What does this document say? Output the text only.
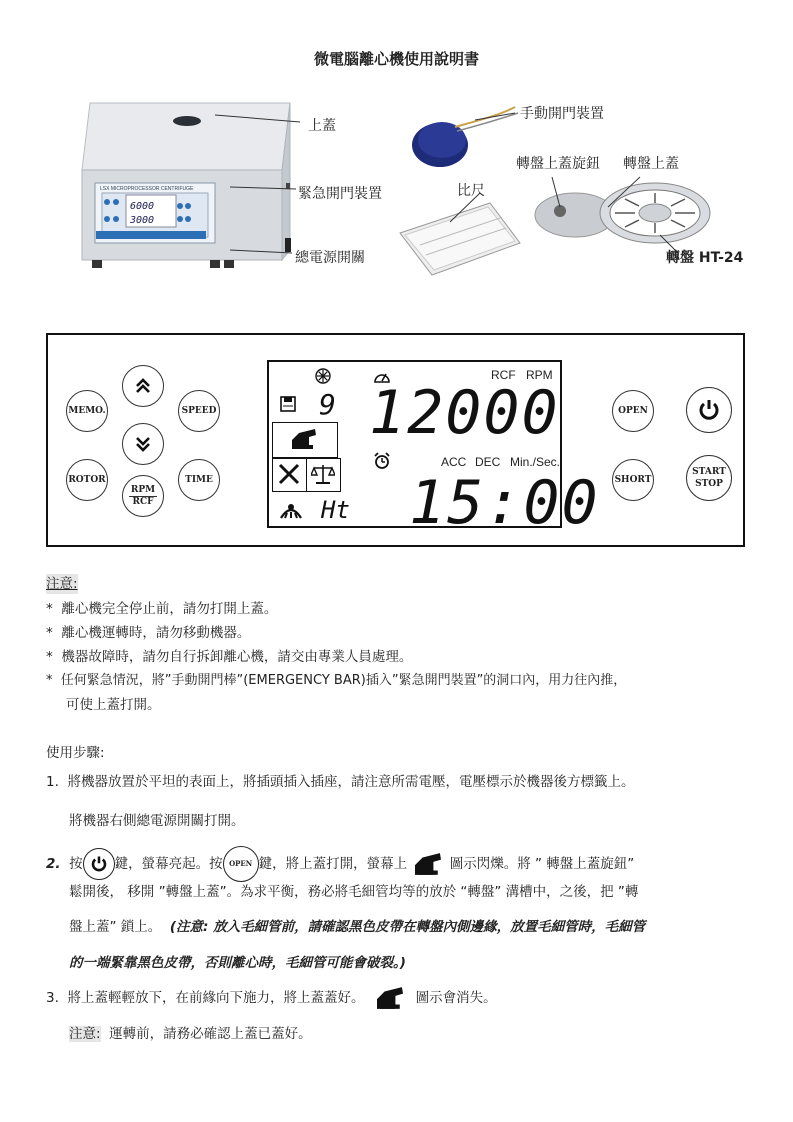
微電腦離心機使用說明書
LSX MICROPROCESSOR CENTRIFUGE
6000
3000
上蓋
緊急開門裝置
總電源開關
手動開門裝置
比尺
轉盤上蓋旋鈕 轉盤上蓋
轉盤 HT-24
MEMO.	SPEED
ROTOR
RPM
RCF
TIME
RCF RPM
9 12000
ACC DEC Min./Sec.
Ht 15:00
OPEN
SHORT
START
STOP
注意:
*  離心機完全停止前，請勿打開上蓋。
*  離心機運轉時，請勿移動機器。
*  機器故障時，請勿自行拆卸離心機，請交由專業人員處理。
*  任何緊急情況，將”手動開門棒”(EMERGENCY BAR)插入”緊急開門裝置”的洞口內，用力往內推，
可使上蓋打開。
使用步驟:
1. 將機器放置於平坦的表面上，將插頭插入插座，請注意所需電壓，電壓標示於機器後方標籤上。
將機器右側總電源開關打開。
2.
按 鍵，螢幕亮起。按 OPEN 鍵，將上蓋打開，螢幕上

	圖示閃爍。將 ” 轉盤上蓋旋鈕”
鬆開後， 移開 ”轉盤上蓋”。為求平衡，務必將毛細管均等的放於 “轉盤” 溝槽中，之後，把 ”轉
盤上蓋” 鎖上。 (注意: 放入毛細管前，請確認黑色皮帶在轉盤內側邊緣，放置毛細管時，毛細管
的一端緊靠黑色皮帶，否則離心時，毛細管可能會破裂。)
3.
將上蓋輕輕放下，在前緣向下施力，將上蓋蓋好。

	圖示會消失。
注意: 運轉前，請務必確認上蓋已蓋好。
